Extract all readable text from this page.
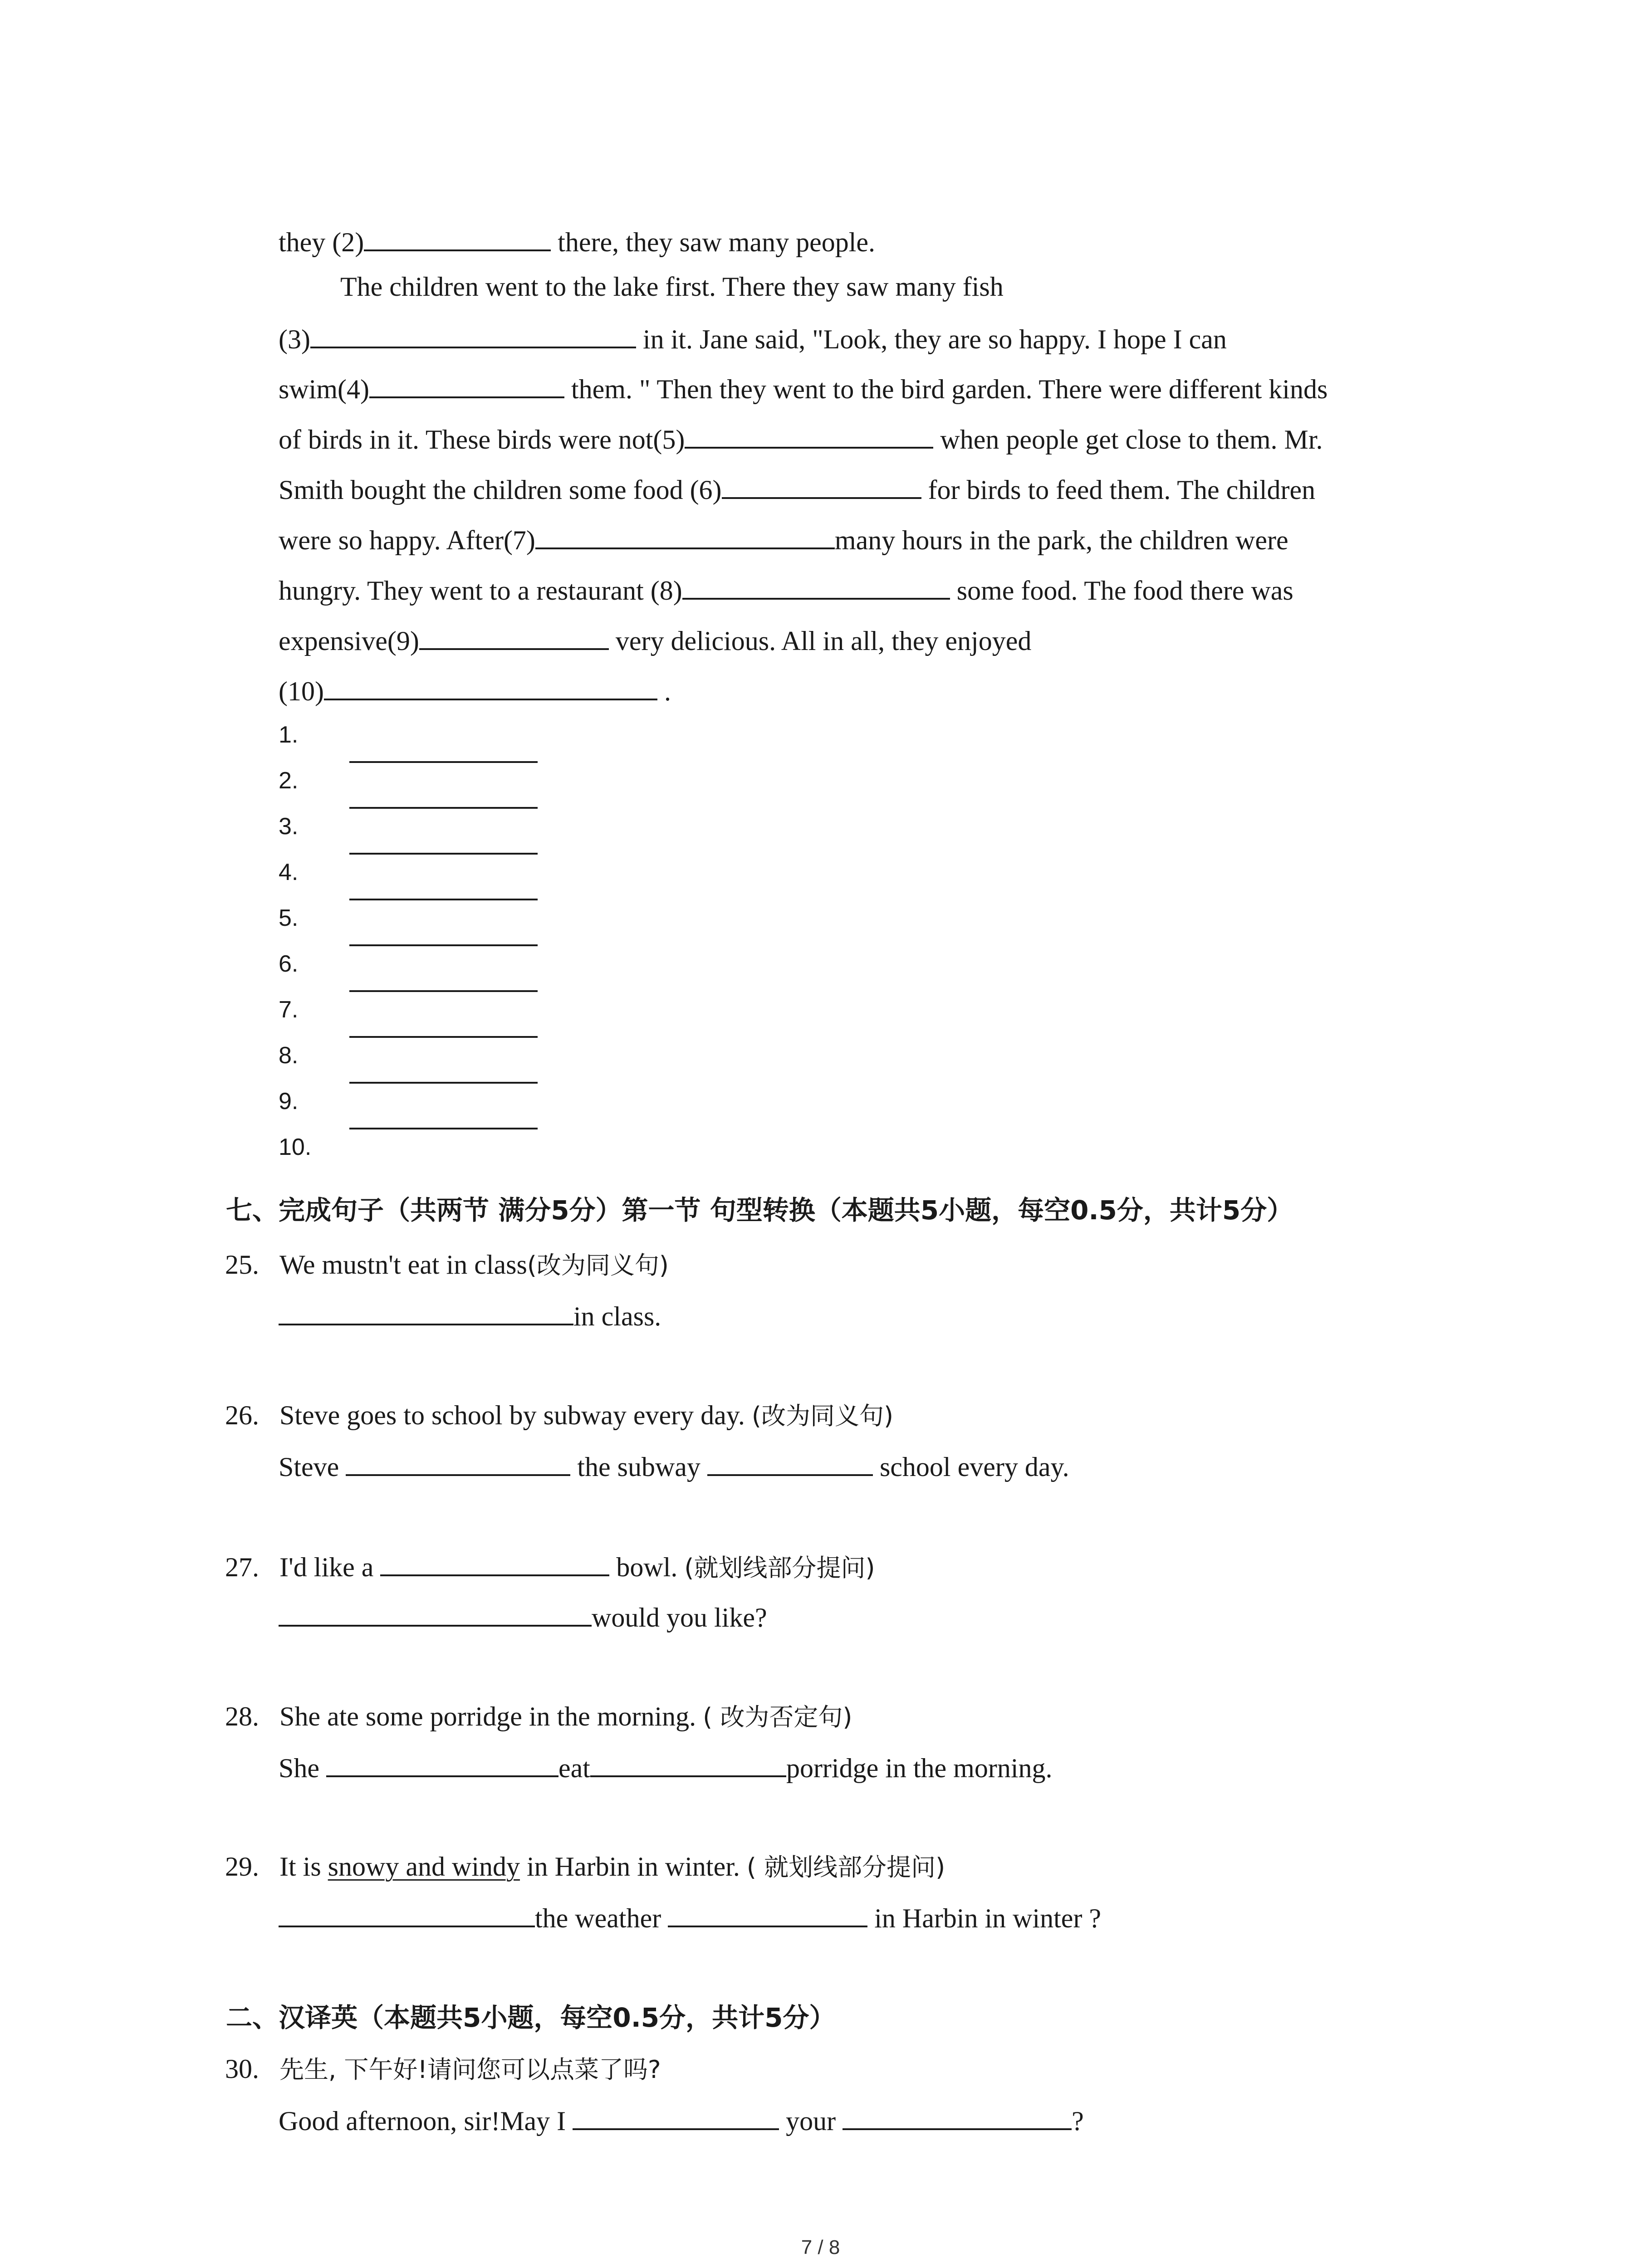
they (2)	there, they saw many people.
The children went to the lake first. There they saw many fish
(3)	in it. Jane said, "Look, they are so happy. I hope I can
swim(4)	them. " Then they went to the bird garden. There were different kinds
of birds in it. These birds were not(5)	when people get close to them. Mr.
Smith bought the children some food (6)	for birds to feed them. The children
were so happy. After(7)	many hours in the park, the children were
hungry. They went to a restaurant (8)	some food. The food there was
expensive(9)	very delicious. All in all, they enjoyed
(10)	.
1.
2.
3.
4.
5.
6.
7.
8.
9.
10.
七、完成句子（共两节 满分5分）第一节 句型转换（本题共5小题，每空0.5分，共计5分）
25. We mustn't eat in class(改为同义句)
in class.
26. Steve goes to school by subway every day. (改为同义句)
Steve	the subway	school every day.
27. I'd like a	bowl. (就划线部分提问)
would you like?
28. She ate some porridge in the morning. ( 改为否定句)
She	eat	porridge in the morning.
29. It is snowy and windy in Harbin in winter. ( 就划线部分提问)
the weather	in Harbin in winter ?
二、汉译英（本题共5小题，每空0.5分，共计5分）
30. 先生, 下午好!请问您可以点菜了吗?
Good afternoon, sir!May I	your	?
7 / 8
